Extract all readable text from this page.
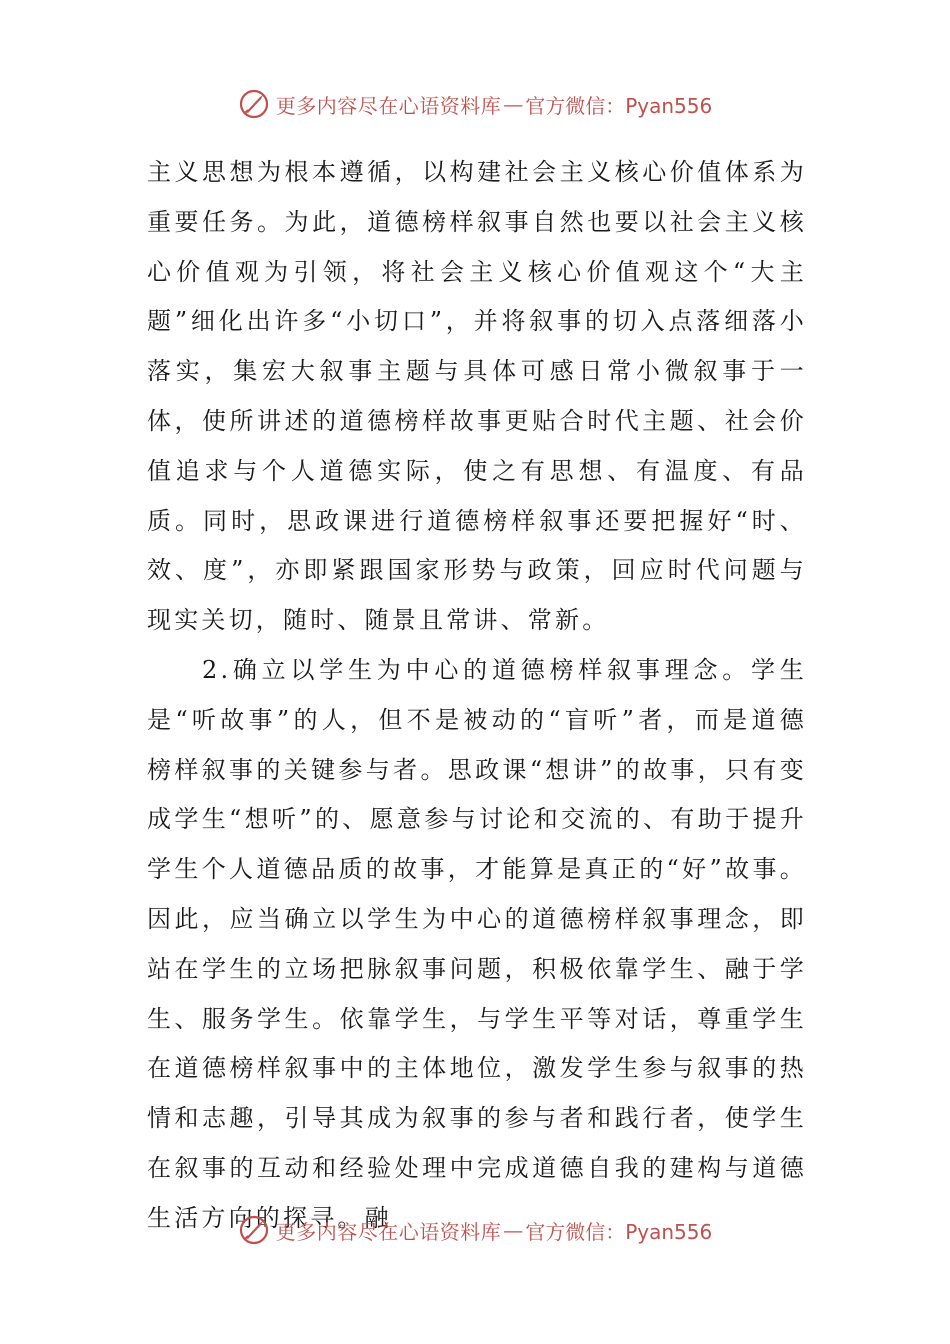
更多内容尽在心语资料库 — 官方微信：Pyan556

主义思想为根本遵循，以构建社会主义核心价值体系为重要任务。为此，道德榜样叙事自然也要以社会主义核心价值观为引领，将社会主义核心价值观这个“大主题”细化出许多“小切口”，并将叙事的切入点落细落小落实，集宏大叙事主题与具体可感日常小微叙事于一体，使所讲述的道德榜样故事更贴合时代主题、社会价值追求与个人道德实际，使之有思想、有温度、有品质。同时，思政课进行道德榜样叙事还要把握好“时、效、度”，亦即紧跟国家形势与政策，回应时代问题与现实关切，随时、随景且常讲、常新。

2.确立以学生为中心的道德榜样叙事理念。学生是“听故事”的人，但不是被动的“盲听”者，而是道德榜样叙事的关键参与者。思政课“想讲”的故事，只有变成学生“想听”的、愿意参与讨论和交流的、有助于提升学生个人道德品质的故事，才能算是真正的“好”故事。因此，应当确立以学生为中心的道德榜样叙事理念，即站在学生的立场把脉叙事问题，积极依靠学生、融于学生、服务学生。依靠学生，与学生平等对话，尊重学生在道德榜样叙事中的主体地位，激发学生参与叙事的热情和志趣，引导其成为叙事的参与者和践行者，使学生在叙事的互动和经验处理中完成道德自我的建构与道德生活方向的探寻。融

更多内容尽在心语资料库 — 官方微信：Pyan556
